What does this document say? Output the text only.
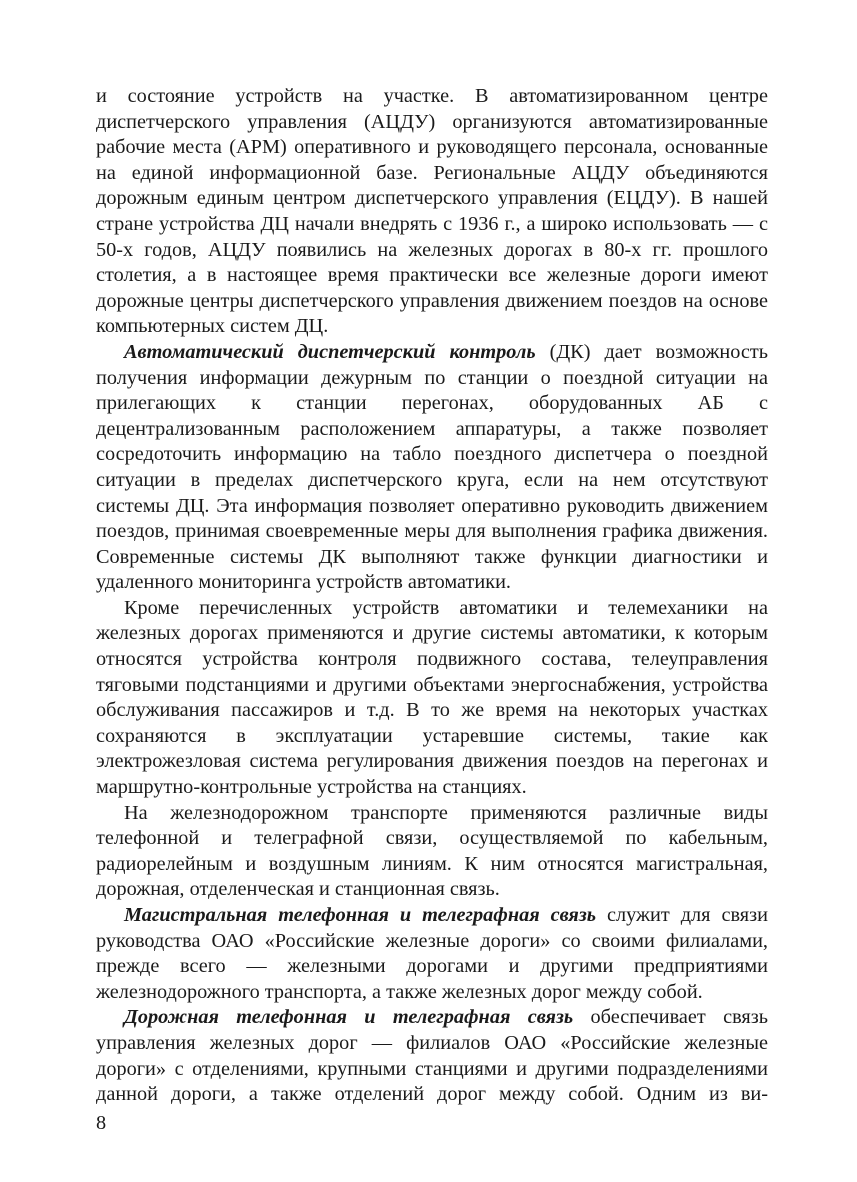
и состояние устройств на участке. В автоматизированном центре диспетчерского управления (АЦДУ) организуются автоматизированные рабочие места (АРМ) оперативного и руководящего персонала, основанные на единой информационной базе. Региональные АЦДУ объединяются дорожным единым центром диспетчерского управления (ЕЦДУ). В нашей стране устройства ДЦ начали внедрять с 1936 г., а широко использовать — с 50-х годов, АЦДУ появились на железных дорогах в 80-х гг. прошлого столетия, а в настоящее время практически все железные дороги имеют дорожные центры диспетчерского управления движением поездов на основе компьютерных систем ДЦ.

Автоматический диспетчерский контроль (ДК) дает возможность получения информации дежурным по станции о поездной ситуации на прилегающих к станции перегонах, оборудованных АБ с децентрализованным расположением аппаратуры, а также позволяет сосредоточить информацию на табло поездного диспетчера о поездной ситуации в пределах диспетчерского круга, если на нем отсутствуют системы ДЦ. Эта информация позволяет оперативно руководить движением поездов, принимая своевременные меры для выполнения графика движения. Современные системы ДК выполняют также функции диагностики и удаленного мониторинга устройств автоматики.

Кроме перечисленных устройств автоматики и телемеханики на железных дорогах применяются и другие системы автоматики, к которым относятся устройства контроля подвижного состава, телеуправления тяговыми подстанциями и другими объектами энергоснабжения, устройства обслуживания пассажиров и т.д. В то же время на некоторых участках сохраняются в эксплуатации устаревшие системы, такие как электрожезловая система регулирования движения поездов на перегонах и маршрутно-контрольные устройства на станциях.

На железнодорожном транспорте применяются различные виды телефонной и телеграфной связи, осуществляемой по кабельным, радиорелейным и воздушным линиям. К ним относятся магистральная, дорожная, отделенческая и станционная связь.

Магистральная телефонная и телеграфная связь служит для связи руководства ОАО «Российские железные дороги» со своими филиалами, прежде всего — железными дорогами и другими предприятиями железнодорожного транспорта, а также железных дорог между собой.

Дорожная телефонная и телеграфная связь обеспечивает связь управления железных дорог — филиалов ОАО «Российские железные дороги» с отделениями, крупными станциями и другими подразделениями данной дороги, а также отделений дорог между собой. Одним из ви-

8
